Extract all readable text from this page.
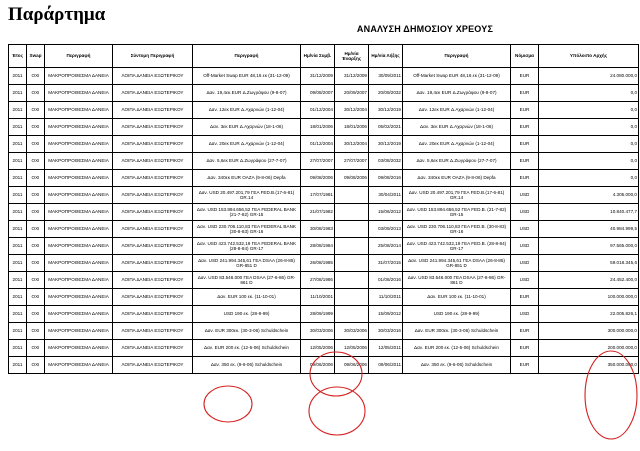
Παράρτημα
ΑΝΑΛΥΣΗ ΔΗΜΟΣΙΟΥ ΧΡΕΟΥΣ
Έτος	Swap	Περιγραφή	Σύντομη Περιγραφή	Περιγραφή	Ημ/νία Συμβ.	Ημ/νία Έναρξης	Ημ/νία Λήξης	Περιγραφή	Νόμισμα	Υπόλοιπο Αρχής
2011	ΟΧΙ	ΜΑΚΡΟΠΡΟΘΕΣΜΑ ΔΑΝΕΙΑ	ΛΟΙΠΑ ΔΑΝΕΙΑ ΕΞΩΤΕΡΙΚΟΥ	Off-Market Swap EUR 48,16 εκ (31-12-09)	31/12/2009	31/12/2009	30/09/2011	Off-Market Swap EUR 48,16 εκ (31-12-09)	EUR	24.080.000,0
2011	ΟΧΙ	ΜΑΚΡΟΠΡΟΘΕΣΜΑ ΔΑΝΕΙΑ	ΛΟΙΠΑ ΔΑΝΕΙΑ ΕΞΩΤΕΡΙΚΟΥ	Δαν. 19,4εκ.EUR Δ.Ζωγράφου (9-8-07)	09/08/2007	20/09/2007	20/09/2032	Δαν. 19,4εκ EUR Δ.Ζωγράφου (9-8-07)	EUR	0,0
2011	ΟΧΙ	ΜΑΚΡΟΠΡΟΘΕΣΜΑ ΔΑΝΕΙΑ	ΛΟΙΠΑ ΔΑΝΕΙΑ ΕΞΩΤΕΡΙΚΟΥ	Δαν. 12εκ EUR Δ.Αχαρνών (1-12-04)	01/12/2004	30/12/2004	30/12/2019	Δαν. 12εκ EUR Δ.Αχαρνών (1-12-04)	EUR	0,0
2011	ΟΧΙ	ΜΑΚΡΟΠΡΟΘΕΣΜΑ ΔΑΝΕΙΑ	ΛΟΙΠΑ ΔΑΝΕΙΑ ΕΞΩΤΕΡΙΚΟΥ	Δαν. 3εκ EUR Δ.Αχαρνών (18-1-06)	18/01/2006	18/01/2006	05/02/2021	Δαν. 3εκ EUR Δ.Αχαρνών (18-1-06)	EUR	0,0
2011	ΟΧΙ	ΜΑΚΡΟΠΡΟΘΕΣΜΑ ΔΑΝΕΙΑ	ΛΟΙΠΑ ΔΑΝΕΙΑ ΕΞΩΤΕΡΙΚΟΥ	Δαν. 20εκ EUR Δ.Αχαρνών (1-12-04)	01/12/2004	30/12/2004	30/12/2019	Δαν. 20εκ EUR Δ.Αχαρνών (1-12-04)	EUR	0,0
2011	ΟΧΙ	ΜΑΚΡΟΠΡΟΘΕΣΜΑ ΔΑΝΕΙΑ	ΛΟΙΠΑ ΔΑΝΕΙΑ ΕΞΩΤΕΡΙΚΟΥ	Δαν. 5,6εκ EUR Δ.Ζωγράφου (27-7-07)	27/07/2007	27/07/2007	03/08/2032	Δαν. 5,6εκ EUR Δ.Ζωγράφου (27-7-07)	EUR	0,0
2011	ΟΧΙ	ΜΑΚΡΟΠΡΟΘΕΣΜΑ ΔΑΝΕΙΑ	ΛΟΙΠΑ ΔΑΝΕΙΑ ΕΞΩΤΕΡΙΚΟΥ	Δαν. 340εκ EUR ΟΑΖΑ (9-8-06) Depfa	09/08/2006	09/08/2006	09/08/2016	Δαν. 340εκ EUR ΟΑΖΑ (9-8-06) Depfa	EUR	0,0
2011	ΟΧΙ	ΜΑΚΡΟΠΡΟΘΕΣΜΑ ΔΑΝΕΙΑ	ΛΟΙΠΑ ΔΑΝΕΙΑ ΕΞΩΤΕΡΙΚΟΥ	Δαν. USD 20.497.201,79 ΓΕΑ FED.B.(17-6-81) GR.14	17/07/1981		30/04/2011	Δαν. USD 20.497.201,79 ΓΕΑ FED.B.(17-6-81) GR.14	USD	4.305.000,0
2011	ΟΧΙ	ΜΑΚΡΟΠΡΟΘΕΣΜΑ ΔΑΝΕΙΑ	ΛΟΙΠΑ ΔΑΝΕΙΑ ΕΞΩΤΕΡΙΚΟΥ	Δαν. USD 153.894.656,52 ΓΕΑ FEDERAL BANK (21-7-82) GR-15	21/07/1982		15/06/2012	Δαν. USD 153.894.656,52 ΓΕΑ FED.B. (21-7-82) GR-15	USD	10.840.477,7
2011	ΟΧΙ	ΜΑΚΡΟΠΡΟΘΕΣΜΑ ΔΑΝΕΙΑ	ΛΟΙΠΑ ΔΑΝΕΙΑ ΕΞΩΤΕΡΙΚΟΥ	Δαν. USD 230.706.110,83 ΓΕΑ FEDERAL BANK (30-8-83) GR-16	30/08/1983		03/09/2013	Δαν. USD 230.706.110,83 ΓΕΑ FED.B. (30-8-83) GR-16	USD	40.984.999,5
2011	ΟΧΙ	ΜΑΚΡΟΠΡΟΘΕΣΜΑ ΔΑΝΕΙΑ	ΛΟΙΠΑ ΔΑΝΕΙΑ ΕΞΩΤΕΡΙΚΟΥ	Δαν. USD 423.742.532,19 ΓΕΑ FEDERAL BANK (28-8-84) GR-17	28/08/1984		25/08/2014	Δαν. USD 423.742.532,19 ΓΕΑ FED.B. (28-8-84) GR-17	USD	97.565.000,0
2011	ΟΧΙ	ΜΑΚΡΟΠΡΟΘΕΣΜΑ ΔΑΝΕΙΑ	ΛΟΙΠΑ ΔΑΝΕΙΑ ΕΞΩΤΕΡΙΚΟΥ	Δαν. USD 241.994.345,61 ΓΕΑ DSAA (26-8-85) GR-851 D	26/08/1985		31/07/2015	Δαν. USD 241.994.345,61 ΓΕΑ DSAA (26-8-85) GR-851 D	USD	59.018.345,6
2011	ΟΧΙ	ΜΑΚΡΟΠΡΟΘΕΣΜΑ ΔΑΝΕΙΑ	ΛΟΙΠΑ ΔΑΝΕΙΑ ΕΞΩΤΕΡΙΚΟΥ	Δαν. USD 83.546.000 ΓΕΑ DSAA (27-8-86) GR-861 D	27/08/1986		01/08/2016	Δαν. USD 83.546.000 ΓΕΑ DSAA (27-8-86) GR-861 D	USD	24.452.400,0
2011	ΟΧΙ	ΜΑΚΡΟΠΡΟΘΕΣΜΑ ΔΑΝΕΙΑ	ΛΟΙΠΑ ΔΑΝΕΙΑ ΕΞΩΤΕΡΙΚΟΥ	Δαν. EUR 100 εκ. (11-10-01)	11/10/2001		11/10/2011	Δαν. EUR 100 εκ. (11-10-01)	EUR	100.000.000,0
2011	ΟΧΙ	ΜΑΚΡΟΠΡΟΘΕΣΜΑ ΔΑΝΕΙΑ	ΛΟΙΠΑ ΔΑΝΕΙΑ ΕΞΩΤΕΡΙΚΟΥ	USD 190 εκ. (28-9-99)	28/09/1999		15/09/2012	USD 190 εκ. (28-9-99)	USD	22.005.826,1
2011	ΟΧΙ	ΜΑΚΡΟΠΡΟΘΕΣΜΑ ΔΑΝΕΙΑ	ΛΟΙΠΑ ΔΑΝΕΙΑ ΕΞΩΤΕΡΙΚΟΥ	Δαν. EUR 300εκ. (30-3-06) Schuldschein	30/03/2006	30/03/2006	30/03/2016	Δαν. EUR 300εκ. (30-3-06) Schuldschein	EUR	300.000.000,0
2011	ΟΧΙ	ΜΑΚΡΟΠΡΟΘΕΣΜΑ ΔΑΝΕΙΑ	ΛΟΙΠΑ ΔΑΝΕΙΑ ΕΞΩΤΕΡΙΚΟΥ	Δαν. EUR 200 εκ. (12-5-06) Schuldschein	12/05/2006	12/05/2006	12/05/2011	Δαν. EUR 200 εκ. (12-5-06) Schuldschein	EUR	200.000.000,0
2011	ΟΧΙ	ΜΑΚΡΟΠΡΟΘΕΣΜΑ ΔΑΝΕΙΑ	ΛΟΙΠΑ ΔΑΝΕΙΑ ΕΞΩΤΕΡΙΚΟΥ	Δαν. 350 εκ. (9-6-06) Schuldschein	09/06/2006	09/06/2006	09/06/2011	Δαν. 350 εκ. (9-6-06) Schuldschein	EUR	350.000.000,0
